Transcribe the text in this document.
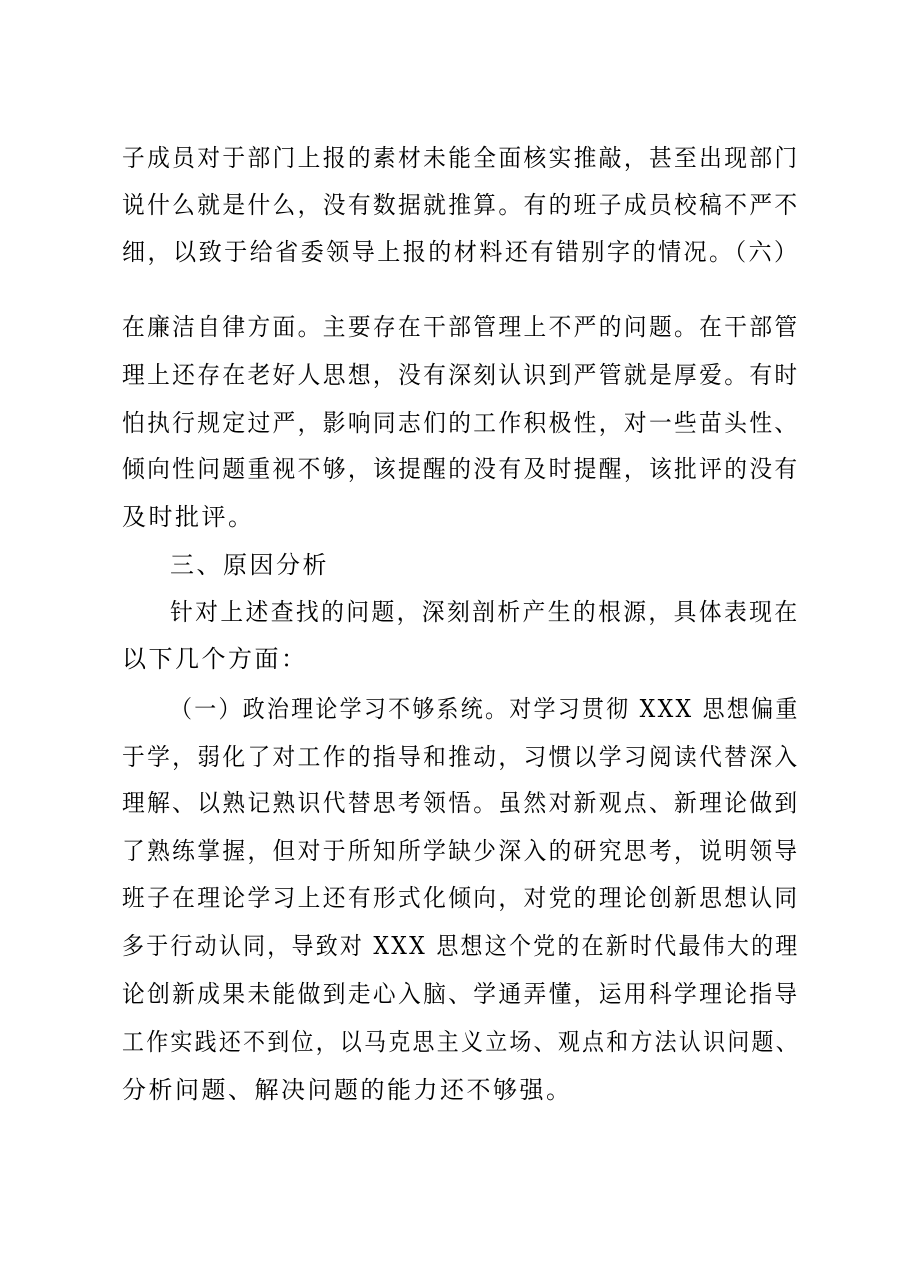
子成员对于部门上报的素材未能全面核实推敲，甚至出现部门
说什么就是什么，没有数据就推算。有的班子成员校稿不严不
细，以致于给省委领导上报的材料还有错别字的情况。（六）
在廉洁自律方面。主要存在干部管理上不严的问题。在干部管
理上还存在老好人思想，没有深刻认识到严管就是厚爱。有时
怕执行规定过严，影响同志们的工作积极性，对一些苗头性、
倾向性问题重视不够，该提醒的没有及时提醒，该批评的没有
及时批评。
三、原因分析
针对上述查找的问题，深刻剖析产生的根源，具体表现在
以下几个方面：
（一）政治理论学习不够系统。对学习贯彻 XXX 思想偏重
于学，弱化了对工作的指导和推动，习惯以学习阅读代替深入
理解、以熟记熟识代替思考领悟。虽然对新观点、新理论做到
了熟练掌握，但对于所知所学缺少深入的研究思考，说明领导
班子在理论学习上还有形式化倾向，对党的理论创新思想认同
多于行动认同，导致对 XXX 思想这个党的在新时代最伟大的理
论创新成果未能做到走心入脑、学通弄懂，运用科学理论指导
工作实践还不到位，以马克思主义立场、观点和方法认识问题、
分析问题、解决问题的能力还不够强。
